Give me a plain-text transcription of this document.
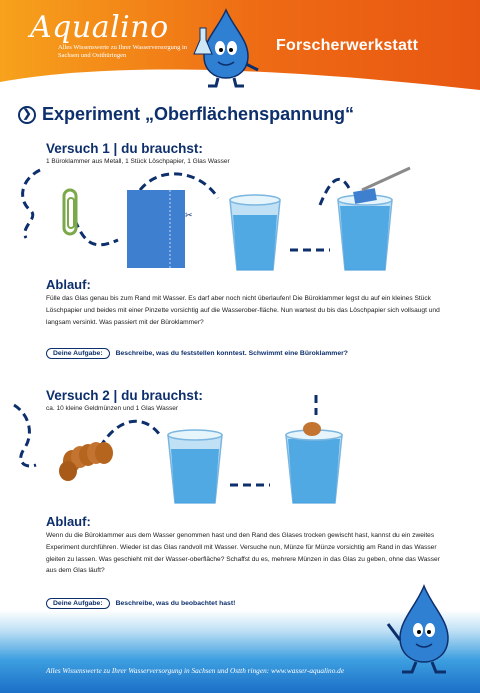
Aqualino
Alles Wissenswerte zu Ihrer Wasserversorgung in Sachsen und Ostthüringen
Forscherwerkstatt
❯ Experiment „Oberflächenspannung“
Versuch 1 | du brauchst:
1 Büroklammer aus Metall, 1 Stück Löschpapier, 1 Glas Wasser
✂
Ablauf:
Fülle das Glas genau bis zum Rand mit Wasser. Es darf aber noch nicht überlaufen! Die Büroklammer legst du auf ein kleines Stück Löschpapier und beides mit einer Pinzette vorsichtig auf die Wasserober-fläche. Nun wartest du bis das Löschpapier sich vollsaugt und langsam versinkt. Was passiert mit der Büroklammer?
Deine Aufgabe:	Beschreibe, was du feststellen konntest. Schwimmt eine Büroklammer?
Versuch 2 | du brauchst:
ca. 10 kleine Geldmünzen und 1 Glas Wasser
Ablauf:
Wenn du die Büroklammer aus dem Wasser genommen hast und den Rand des Glases trocken gewischt hast, kannst du ein zweites Experiment durchführen. Wieder ist das Glas randvoll mit Wasser. Versuche nun, Münze für Münze vorsichtig am Rand in das Wasser gleiten zu lassen. Was geschieht mit der Wasser-oberfläche? Schaffst du es, mehrere Münzen in das Glas zu geben, ohne das Wasser aus dem Glas läuft?
Deine Aufgabe:	Beschreibe, was du beobachtet hast!
Alles Wissenswerte zu Ihrer Wasserversorgung in Sachsen und Ostth ringen: www.wasser-aqualino.de
